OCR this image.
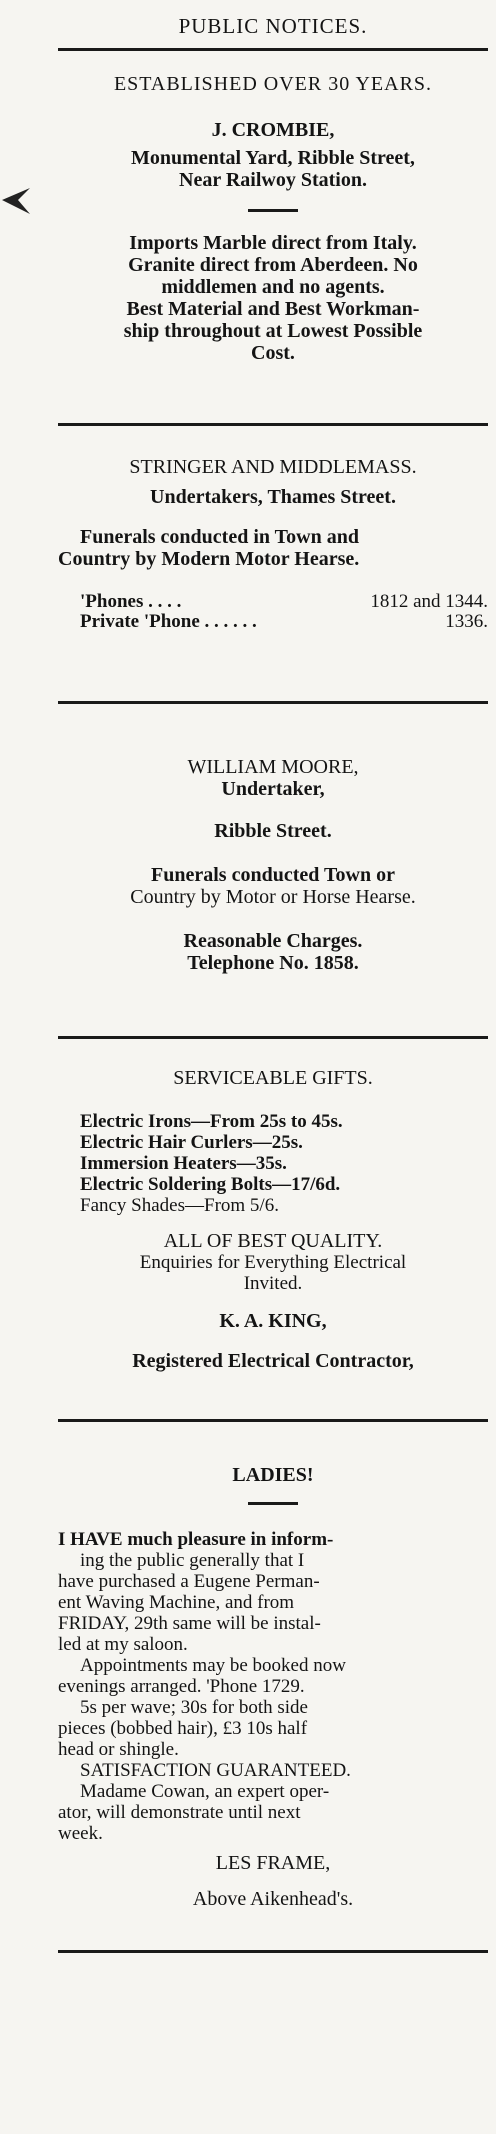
PUBLIC NOTICES.

ESTABLISHED OVER 30 YEARS.

J. CROMBIE,

Monumental Yard, Ribble Street,

Near Railwoy Station.

Imports Marble direct from Italy.

Granite direct from Aberdeen. No

middlemen and no agents.

Best Material and Best Workman-

ship throughout at Lowest Possible

Cost.

STRINGER AND MIDDLEMASS.

Undertakers, Thames Street.

Funerals conducted in Town and

Country by Modern Motor Hearse.

'Phones . . . .	1812 and 1344.
Private 'Phone . . . . . .	1336.

WILLIAM MOORE,

Undertaker,

Ribble Street.

Funerals conducted Town or

Country by Motor or Horse Hearse.

Reasonable Charges.

Telephone No. 1858.

SERVICEABLE GIFTS.

Electric Irons—From 25s to 45s.

Electric Hair Curlers—25s.

Immersion Heaters—35s.

Electric Soldering Bolts—17/6d.

Fancy Shades—From 5/6.

ALL OF BEST QUALITY.

Enquiries for Everything Electrical

Invited.

K. A. KING,

Registered Electrical Contractor,

LADIES!

I HAVE much pleasure in inform-

ing the public generally that I

have purchased a Eugene Perman-

ent Waving Machine, and from

FRIDAY, 29th same will be instal-

led at my saloon.

Appointments may be booked now

evenings arranged. 'Phone 1729.

5s per wave; 30s for both side

pieces (bobbed hair), £3 10s half

head or shingle.

SATISFACTION GUARANTEED.

Madame Cowan, an expert oper-

ator, will demonstrate until next

week.

LES FRAME,

Above Aikenhead's.
